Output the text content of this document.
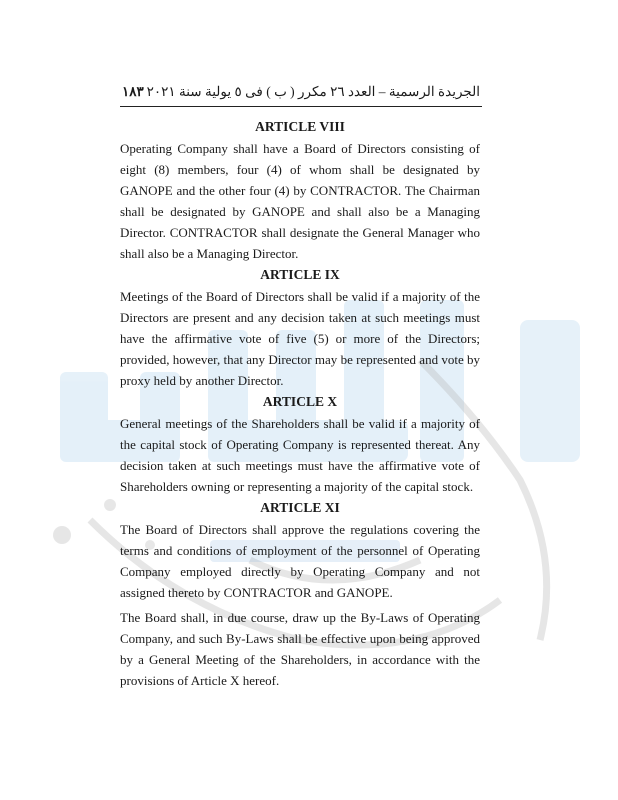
الجريدة الرسمية – العدد ٢٦ مكرر ( ب ) فى ٥ يولية سنة ٢٠٢١
١٨٣
ARTICLE VIII

Operating Company shall have a Board of Directors consisting of eight (8) members, four (4) of whom shall be designated by GANOPE and the other four (4) by CONTRACTOR. The Chairman shall be designated by GANOPE and shall also be a Managing Director. CONTRACTOR shall designate the General Manager who shall also be a Managing Director.

ARTICLE IX

Meetings of the Board of Directors shall be valid if a majority of the Directors are present and any decision taken at such meetings must have the affirmative vote of five (5) or more of the Directors; provided, however, that any Director may be represented and vote by proxy held by another Director.

ARTICLE X

General meetings of the Shareholders shall be valid if a majority of the capital stock of Operating Company is represented thereat. Any decision taken at such meetings must have the affirmative vote of Shareholders owning or representing a majority of the capital stock.

ARTICLE XI

The Board of Directors shall approve the regulations covering the terms and conditions of employment of the personnel of Operating Company employed directly by Operating Company and not assigned thereto by CONTRACTOR and GANOPE.

The Board shall, in due course, draw up the By-Laws of Operating Company, and such By-Laws shall be effective upon being approved by a General Meeting of the Shareholders, in accordance with the provisions of Article X hereof.
